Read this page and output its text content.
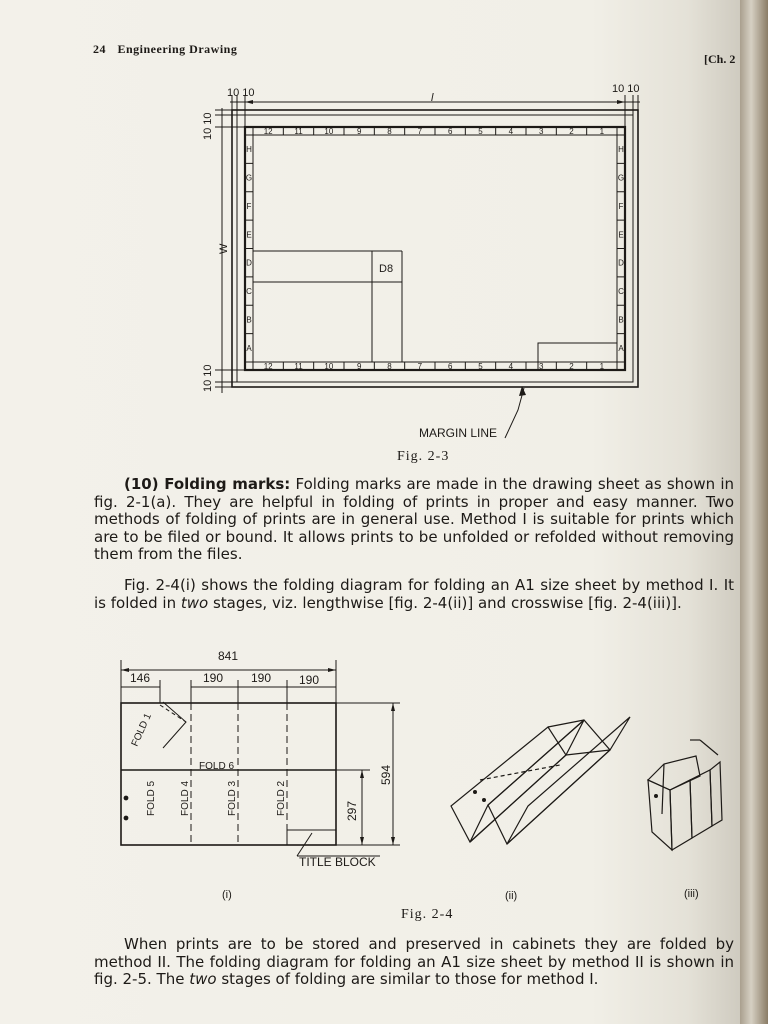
24 Engineering Drawing
[Ch. 2
10 10	10 10
l
10 10
W
10 10
12	11	10	9	8	7	6	5	4	3	2	1
12	11	10	9	8	7	6	5	4	3	2	1
H
G
F
E
D
C
B
A
H
G
F
E
D
C
B
A
D8
MARGIN LINE
Fig. 2-3
(10) Folding marks: Folding marks are made in the drawing sheet as shown in fig. 2-1(a). They are helpful in folding of prints in proper and easy manner. Two methods of folding of prints are in general use. Method I is suitable for prints which are to be filed or bound. It allows prints to be unfolded or refolded without removing them from the files.
Fig. 2-4(i) shows the folding diagram for folding an A1 size sheet by method I. It is folded in two stages, viz. lengthwise [fig. 2-4(ii)] and crosswise [fig. 2-4(iii)].
841
146	190 190 190
594
297
FOLD 1
FOLD 6
FOLD 5 FOLD 4	FOLD 3	FOLD 2
TITLE BLOCK
(i)	(ii)	(iii)
Fig. 2-4
When prints are to be stored and preserved in cabinets they are folded by method II. The folding diagram for folding an A1 size sheet by method II is shown in fig. 2-5. The two stages of folding are similar to those for method I.
